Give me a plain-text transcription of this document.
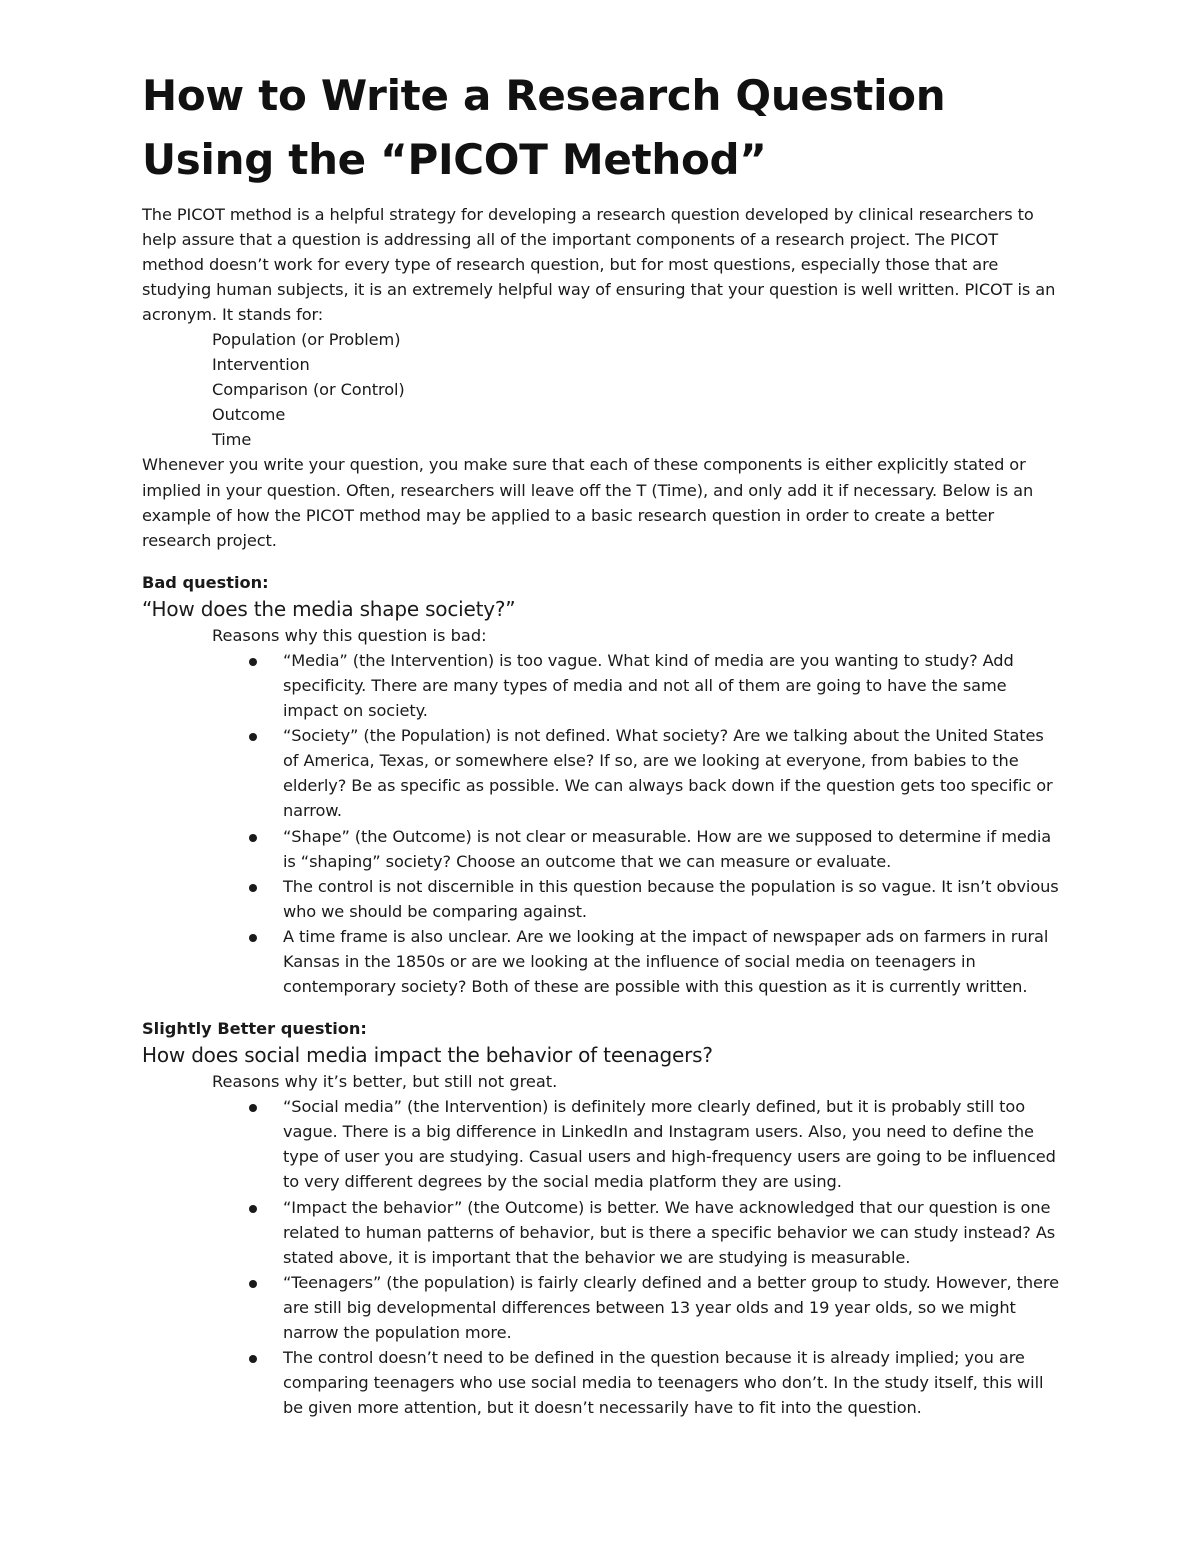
How to Write a Research Question
Using the “PICOT Method”

The PICOT method is a helpful strategy for developing a research question developed by clinical researchers to help assure that a question is addressing all of the important components of a research project. The PICOT method doesn’t work for every type of research question, but for most questions, especially those that are studying human subjects, it is an extremely helpful way of ensuring that your question is well written. PICOT is an acronym. It stands for:

Population (or Problem)
Intervention
Comparison (or Control)
Outcome
Time

Whenever you write your question, you make sure that each of these components is either explicitly stated or implied in your question. Often, researchers will leave off the T (Time), and only add it if necessary. Below is an example of how the PICOT method may be applied to a basic research question in order to create a better research project.

Bad question:
“How does the media shape society?”
Reasons why this question is bad:
“Media” (the Intervention) is too vague. What kind of media are you wanting to study? Add specificity. There are many types of media and not all of them are going to have the same impact on society.
“Society” (the Population) is not defined. What society? Are we talking about the United States of America, Texas, or somewhere else? If so, are we looking at everyone, from babies to the elderly? Be as specific as possible. We can always back down if the question gets too specific or narrow.
“Shape” (the Outcome) is not clear or measurable. How are we supposed to determine if media is “shaping” society? Choose an outcome that we can measure or evaluate.
The control is not discernible in this question because the population is so vague. It isn’t obvious who we should be comparing against.
A time frame is also unclear. Are we looking at the impact of newspaper ads on farmers in rural Kansas in the 1850s or are we looking at the influence of social media on teenagers in contemporary society? Both of these are possible with this question as it is currently written.
Slightly Better question:
How does social media impact the behavior of teenagers?
Reasons why it’s better, but still not great.
“Social media” (the Intervention) is definitely more clearly defined, but it is probably still too vague. There is a big difference in LinkedIn and Instagram users. Also, you need to define the type of user you are studying. Casual users and high-frequency users are going to be influenced to very different degrees by the social media platform they are using.
“Impact the behavior” (the Outcome) is better. We have acknowledged that our question is one related to human patterns of behavior, but is there a specific behavior we can study instead? As stated above, it is important that the behavior we are studying is measurable.
“Teenagers” (the population) is fairly clearly defined and a better group to study. However, there are still big developmental differences between 13 year olds and 19 year olds, so we might narrow the population more.
The control doesn’t need to be defined in the question because it is already implied; you are comparing teenagers who use social media to teenagers who don’t. In the study itself, this will be given more attention, but it doesn’t necessarily have to fit into the question.
